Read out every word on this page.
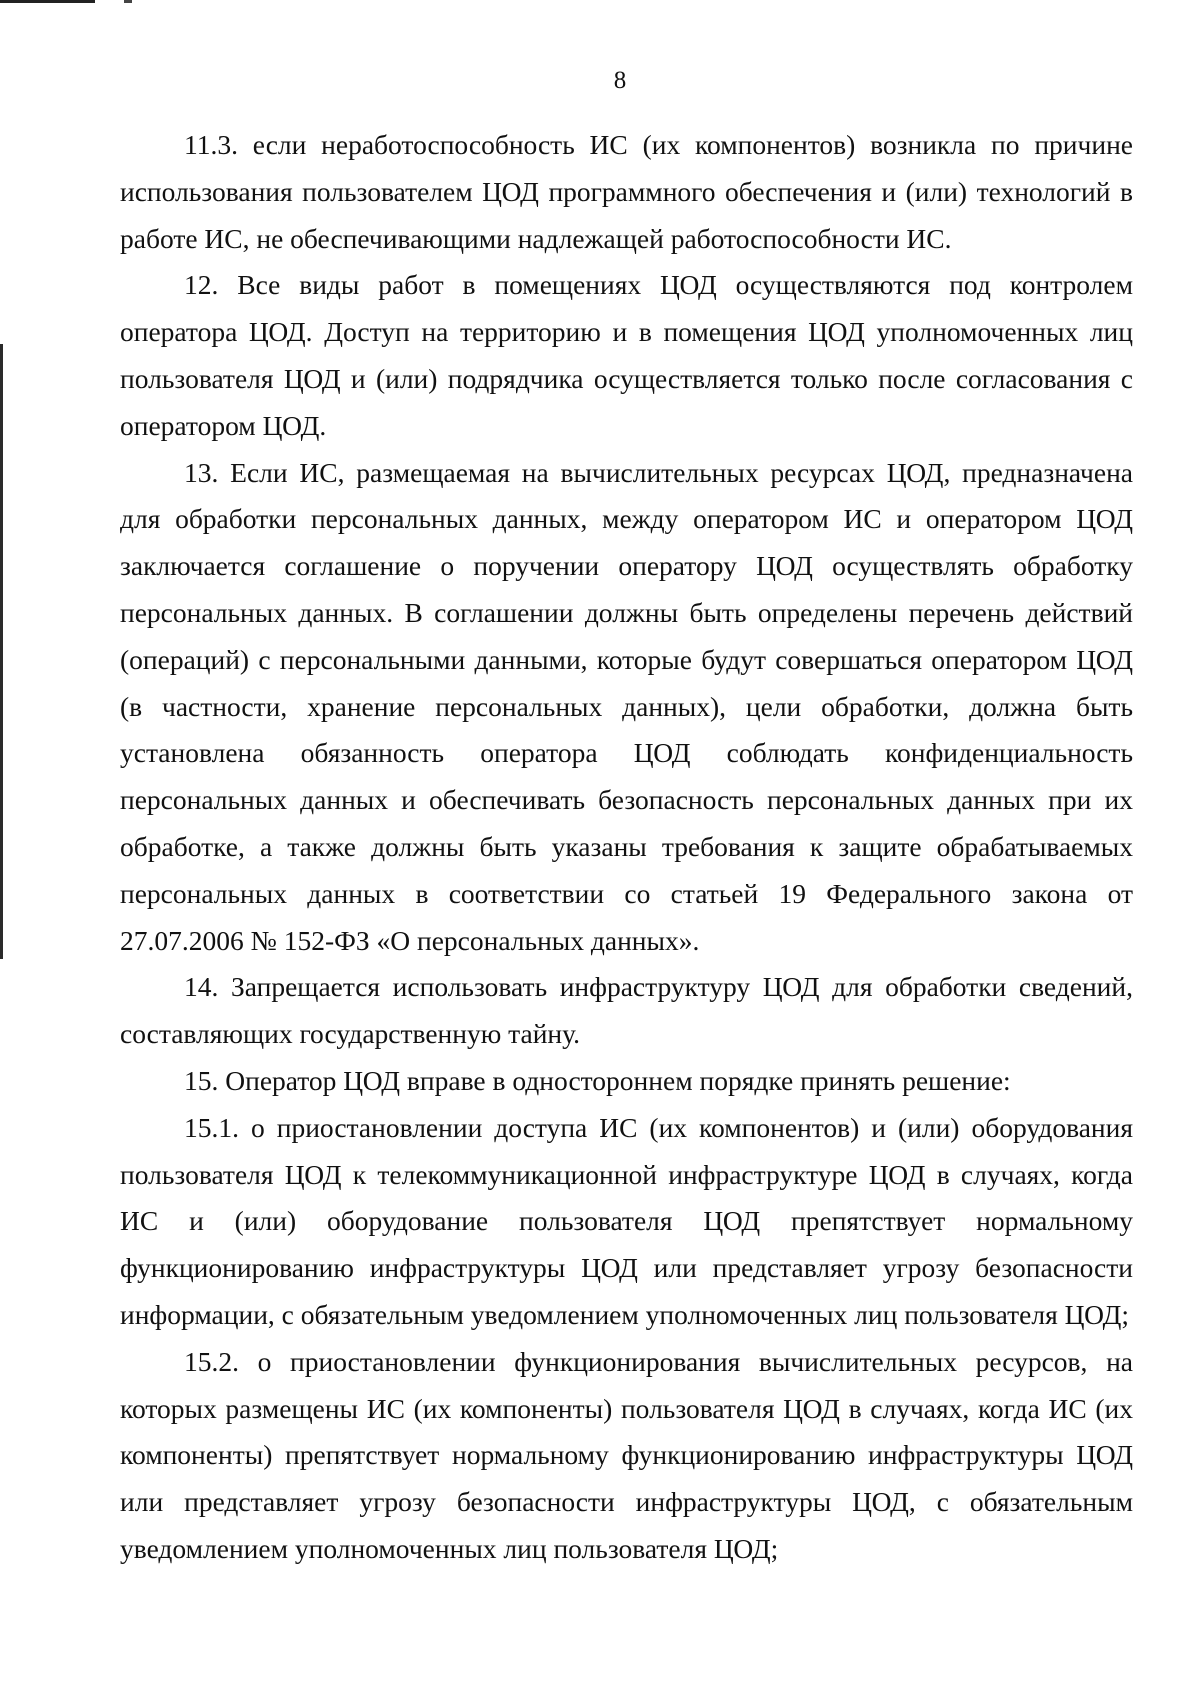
8

11.3. если неработоспособность ИС (их компонентов) возникла по причине использования пользователем ЦОД программного обеспечения и (или) технологий в работе ИС, не обеспечивающими надлежащей работоспособности ИС.

12. Все виды работ в помещениях ЦОД осуществляются под контролем оператора ЦОД. Доступ на территорию и в помещения ЦОД уполномоченных лиц пользователя ЦОД и (или) подрядчика осуществляется только после согласования с оператором ЦОД.

13. Если ИС, размещаемая на вычислительных ресурсах ЦОД, предназначена для обработки персональных данных, между оператором ИС и оператором ЦОД заключается соглашение о поручении оператору ЦОД осуществлять обработку персональных данных. В соглашении должны быть определены перечень действий (операций) с персональными данными, которые будут совершаться оператором ЦОД (в частности, хранение персональных данных), цели обработки, должна быть установлена обязанность оператора ЦОД соблюдать конфиденциальность персональных данных и обеспечивать безопасность персональных данных при их обработке, а также должны быть указаны требования к защите обрабатываемых персональных данных в соответствии со статьей 19 Федерального закона от 27.07.2006 № 152-ФЗ «О персональных данных».

14. Запрещается использовать инфраструктуру ЦОД для обработки сведений, составляющих государственную тайну.

15. Оператор ЦОД вправе в одностороннем порядке принять решение:

15.1. о приостановлении доступа ИС (их компонентов) и (или) оборудования пользователя ЦОД к телекоммуникационной инфраструктуре ЦОД в случаях, когда ИС и (или) оборудование пользователя ЦОД препятствует нормальному функционированию инфраструктуры ЦОД или представляет угрозу безопасности информации, с обязательным уведомлением уполномоченных лиц пользователя ЦОД;

15.2. о приостановлении функционирования вычислительных ресурсов, на которых размещены ИС (их компоненты) пользователя ЦОД в случаях, когда ИС (их компоненты) препятствует нормальному функционированию инфраструктуры ЦОД или представляет угрозу безопасности инфраструктуры ЦОД, с обязательным уведомлением уполномоченных лиц пользователя ЦОД;
